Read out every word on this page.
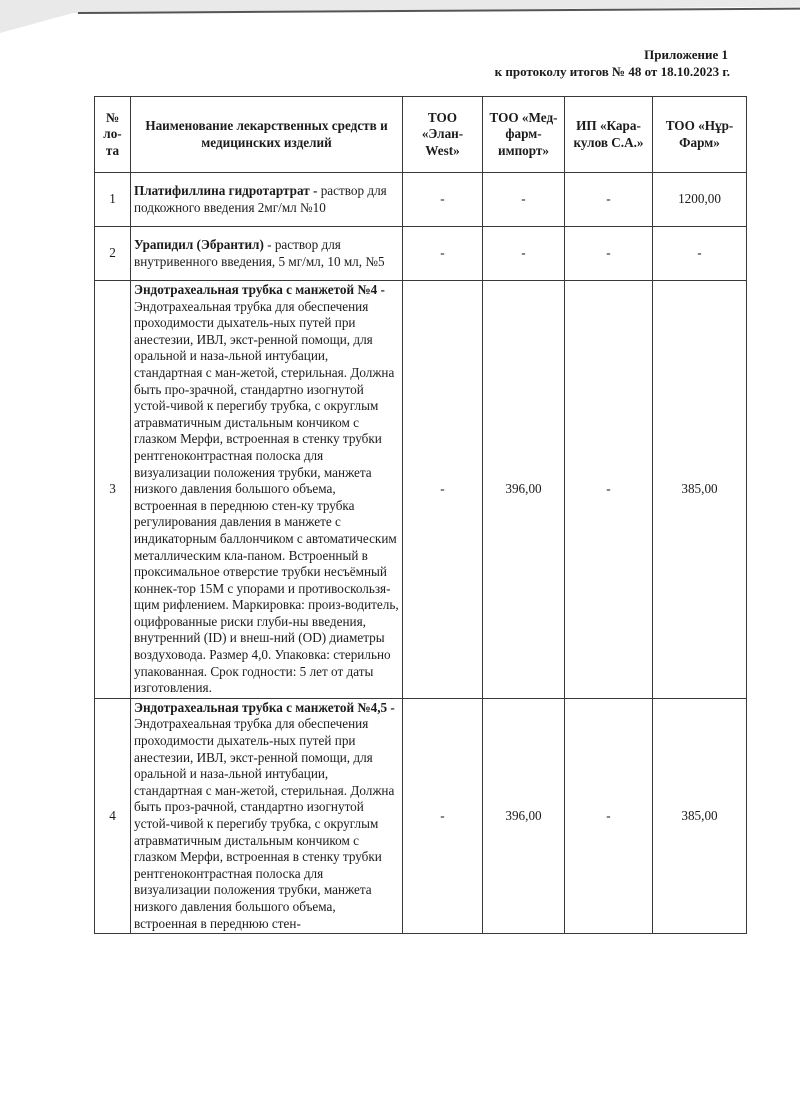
Приложение 1
к протоколу итогов № 48 от 18.10.2023 г.
№ ло-та	Наименование лекарственных средств и медицинских изделий	ТОО «Элан-West»	ТОО «Мед-фарм-импорт»	ИП «Кара-кулов С.А.»	ТОО «Нұр-Фарм»
1	Платифиллина гидротартрат - раствор для подкожного введения 2мг/мл №10	-	-	-	1200,00
2	Урапидил (Эбрантил) - раствор для внутривенного введения, 5 мг/мл, 10 мл, №5	-	-	-	-
3	Эндотрахеальная трубка с манжетой №4 - Эндотрахеальная трубка для обеспечения проходимости дыхатель-ных путей при анестезии, ИВЛ, экст-ренной помощи, для оральной и наза-льной интубации, стандартная с ман-жетой, стерильная. Должна быть про-зрачной, стандартно изогнутой устой-чивой к перегибу трубка, с округлым атравматичным дистальным кончиком с глазком Мерфи, встроенная в стенку трубки рентгеноконтрастная полоска для визуализации положения трубки, манжета низкого давления большого объема, встроенная в переднюю стен-ку трубка регулирования давления в манжете с индикаторным баллончиком с автоматическим металлическим кла-паном. Встроенный в проксимальное отверстие трубки несъёмный коннек-тор 15М с упорами и противоскользя-щим рифлением. Маркировка: произ-водитель, оцифрованные риски глуби-ны введения, внутренний (ID) и внеш-ний (OD) диаметры воздуховода. Размер 4,0. Упаковка: стерильно упакованная. Срок годности: 5 лет от даты изготовления.	-	396,00	-	385,00
4	Эндотрахеальная трубка с манжетой №4,5 - Эндотрахеальная трубка для обеспечения проходимости дыхатель-ных путей при анестезии, ИВЛ, экст-ренной помощи, для оральной и наза-льной интубации, стандартная с ман-жетой, стерильная. Должна быть проз-рачной, стандартно изогнутой устой-чивой к перегибу трубка, с округлым атравматичным дистальным кончиком с глазком Мерфи, встроенная в стенку трубки рентгеноконтрастная полоска для визуализации положения трубки, манжета низкого давления большого объема, встроенная в переднюю стен-	-	396,00	-	385,00
